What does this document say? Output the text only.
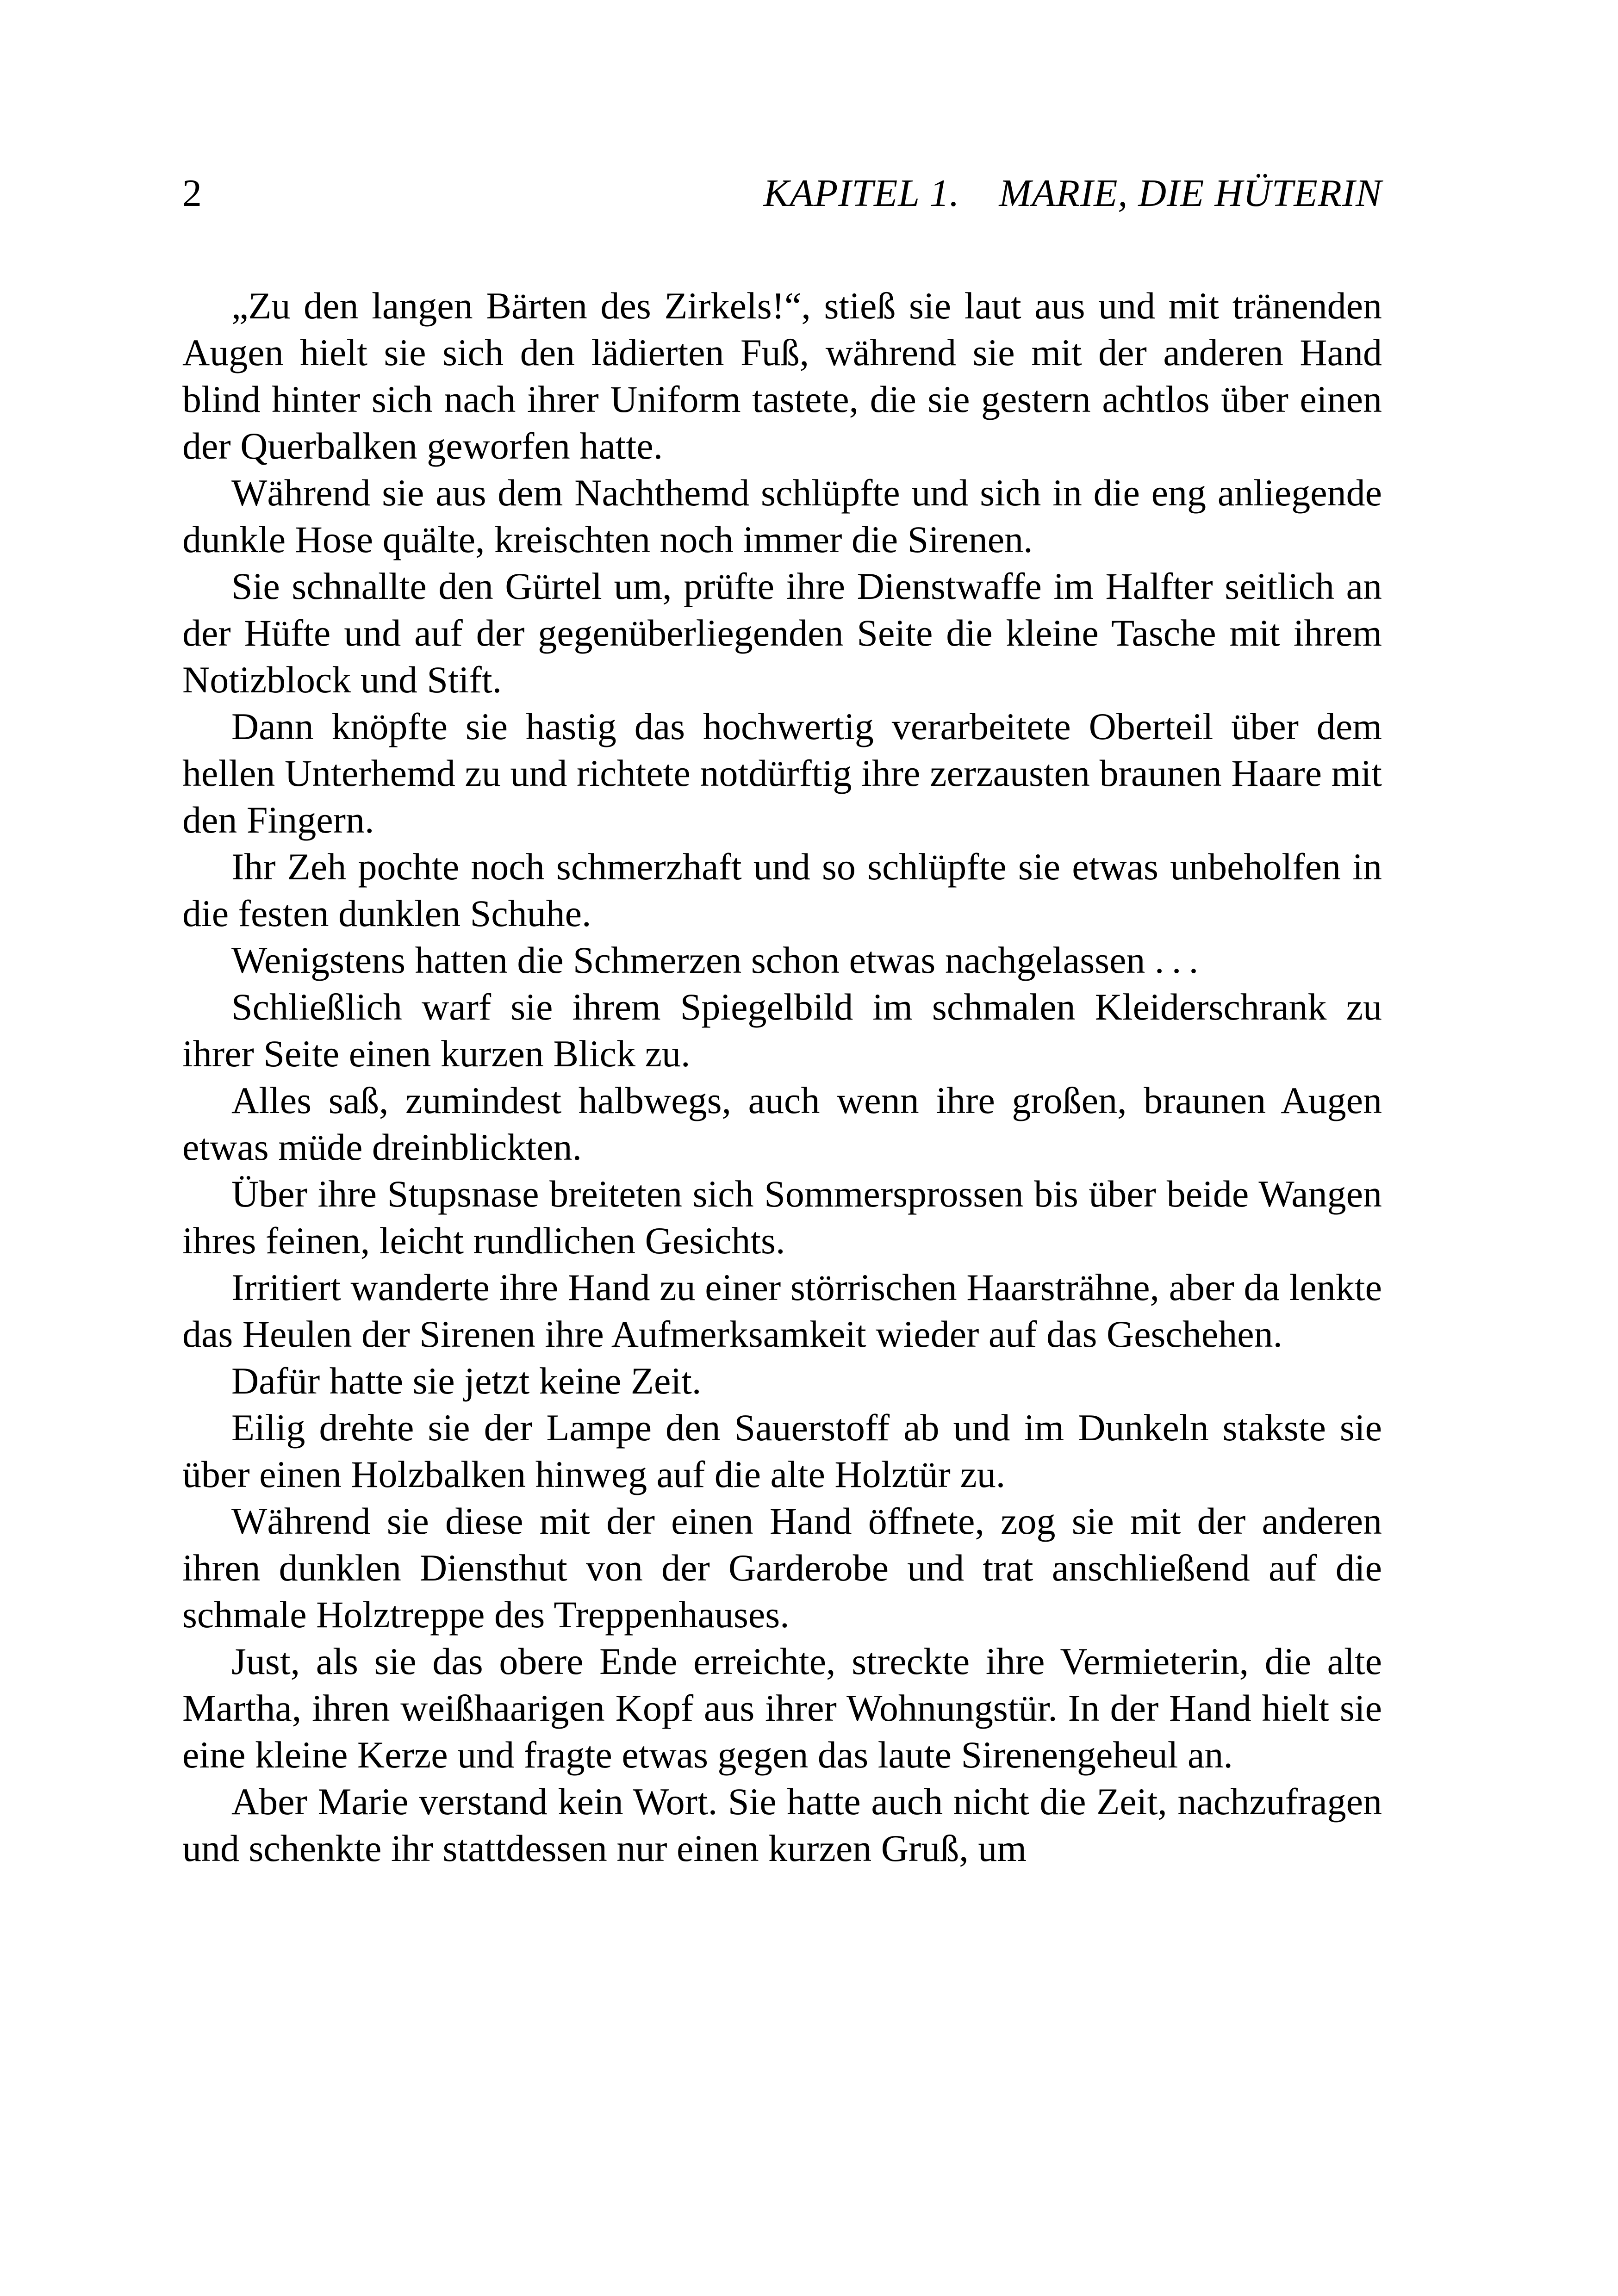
2	KAPITEL 1. MARIE, DIE HÜTERIN

„Zu den langen Bärten des Zirkels!“, stieß sie laut aus und mit tränenden Augen hielt sie sich den lädierten Fuß, während sie mit der anderen Hand blind hinter sich nach ihrer Uniform tastete, die sie gestern achtlos über einen der Querbalken geworfen hatte.

Während sie aus dem Nachthemd schlüpfte und sich in die eng anliegende dunkle Hose quälte, kreischten noch immer die Sirenen.

Sie schnallte den Gürtel um, prüfte ihre Dienstwaffe im Halfter seitlich an der Hüfte und auf der gegenüberliegenden Seite die kleine Tasche mit ihrem Notizblock und Stift.

Dann knöpfte sie hastig das hochwertig verarbeitete Oberteil über dem hellen Unterhemd zu und richtete notdürftig ihre zerzausten braunen Haare mit den Fingern.

Ihr Zeh pochte noch schmerzhaft und so schlüpfte sie etwas unbeholfen in die festen dunklen Schuhe.

Wenigstens hatten die Schmerzen schon etwas nachgelassen . . .

Schließlich warf sie ihrem Spiegelbild im schmalen Kleiderschrank zu ihrer Seite einen kurzen Blick zu.

Alles saß, zumindest halbwegs, auch wenn ihre großen, braunen Augen etwas müde dreinblickten.

Über ihre Stupsnase breiteten sich Sommersprossen bis über beide Wangen ihres feinen, leicht rundlichen Gesichts.

Irritiert wanderte ihre Hand zu einer störrischen Haarsträhne, aber da lenkte das Heulen der Sirenen ihre Aufmerksamkeit wieder auf das Geschehen.

Dafür hatte sie jetzt keine Zeit.

Eilig drehte sie der Lampe den Sauerstoff ab und im Dunkeln stakste sie über einen Holzbalken hinweg auf die alte Holztür zu.

Während sie diese mit der einen Hand öffnete, zog sie mit der anderen ihren dunklen Diensthut von der Garderobe und trat anschließend auf die schmale Holztreppe des Treppenhauses.

Just, als sie das obere Ende erreichte, streckte ihre Vermieterin, die alte Martha, ihren weißhaarigen Kopf aus ihrer Wohnungstür. In der Hand hielt sie eine kleine Kerze und fragte etwas gegen das laute Sirenengeheul an.

Aber Marie verstand kein Wort. Sie hatte auch nicht die Zeit, nachzufragen und schenkte ihr stattdessen nur einen kurzen Gruß, um
